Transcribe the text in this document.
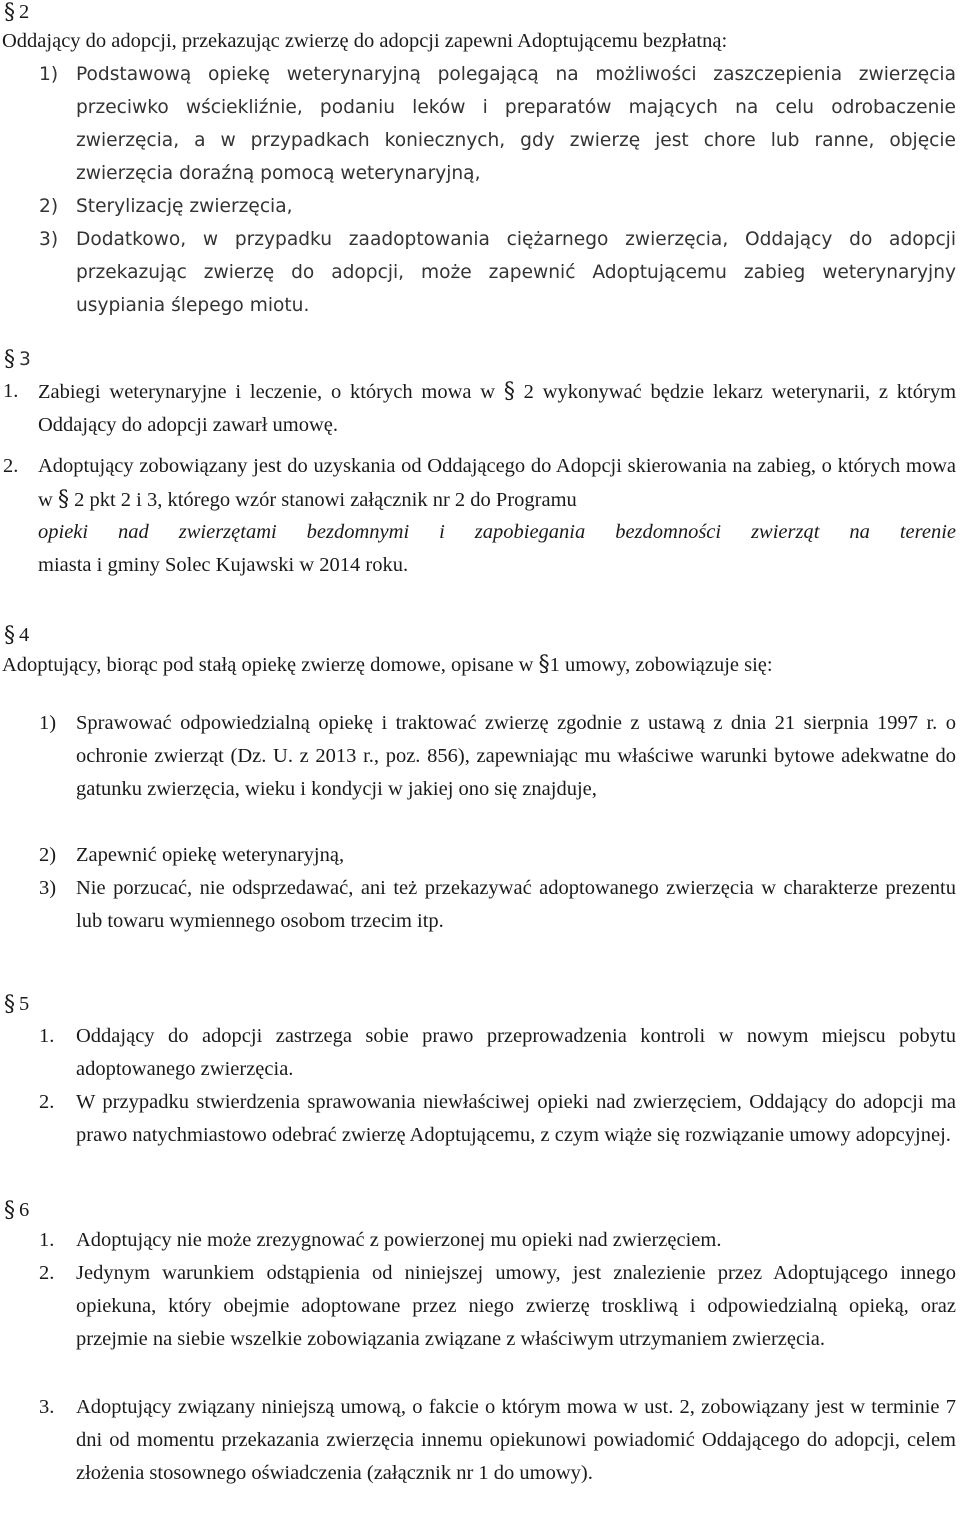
§ 2

Oddający do adopcji, przekazując zwierzę do adopcji zapewni Adoptującemu bezpłatną:

1) Podstawową opiekę weterynaryjną polegającą na możliwości zaszczepienia zwierzęcia przeciwko wściekliźnie, podaniu leków i preparatów mających na celu odrobaczenie zwierzęcia, a w przypadkach koniecznych, gdy zwierzę jest chore lub ranne, objęcie zwierzęcia doraźną pomocą weterynaryjną,

2) Sterylizację zwierzęcia,

3) Dodatkowo, w przypadku zaadoptowania ciężarnego zwierzęcia, Oddający do adopcji przekazując zwierzę do adopcji, może zapewnić Adoptującemu zabieg weterynaryjny usypiania ślepego miotu.

§ 3

1. Zabiegi weterynaryjne i leczenie, o których mowa w § 2 wykonywać będzie lekarz weterynarii, z którym Oddający do adopcji zawarł umowę.

2. Adoptujący zobowiązany jest do uzyskania od Oddającego do Adopcji skierowania na zabieg, o których mowa w § 2 pkt 2 i 3, którego wzór stanowi załącznik nr 2 do Programu

opieki nad zwierzętami bezdomnymi i zapobiegania bezdomności zwierząt na terenie

miasta i gminy Solec Kujawski w 2014 roku.

§ 4

Adoptujący, biorąc pod stałą opiekę zwierzę domowe, opisane w §1 umowy, zobowiązuje się:

1) Sprawować odpowiedzialną opiekę i traktować zwierzę zgodnie z ustawą z dnia 21 sierpnia 1997 r. o ochronie zwierząt (Dz. U. z 2013 r., poz. 856), zapewniając mu właściwe warunki bytowe adekwatne do gatunku zwierzęcia, wieku i kondycji w jakiej ono się znajduje,

2) Zapewnić opiekę weterynaryjną,

3) Nie porzucać, nie odsprzedawać, ani też przekazywać adoptowanego zwierzęcia w charakterze prezentu lub towaru wymiennego osobom trzecim itp.

§ 5

1. Oddający do adopcji zastrzega sobie prawo przeprowadzenia kontroli w nowym miejscu pobytu adoptowanego zwierzęcia.

2. W przypadku stwierdzenia sprawowania niewłaściwej opieki nad zwierzęciem, Oddający do adopcji ma prawo natychmiastowo odebrać zwierzę Adoptującemu, z czym wiąże się rozwiązanie umowy adopcyjnej.

§ 6

1. Adoptujący nie może zrezygnować z powierzonej mu opieki nad zwierzęciem.

2. Jedynym warunkiem odstąpienia od niniejszej umowy, jest znalezienie przez Adoptującego innego opiekuna, który obejmie adoptowane przez niego zwierzę troskliwą i odpowiedzialną opieką, oraz przejmie na siebie wszelkie zobowiązania związane z właściwym utrzymaniem zwierzęcia.

3. Adoptujący związany niniejszą umową, o fakcie o którym mowa w ust. 2, zobowiązany jest w terminie 7 dni od momentu przekazania zwierzęcia innemu opiekunowi powiadomić Oddającego do adopcji, celem złożenia stosownego oświadczenia (załącznik nr 1 do umowy).
